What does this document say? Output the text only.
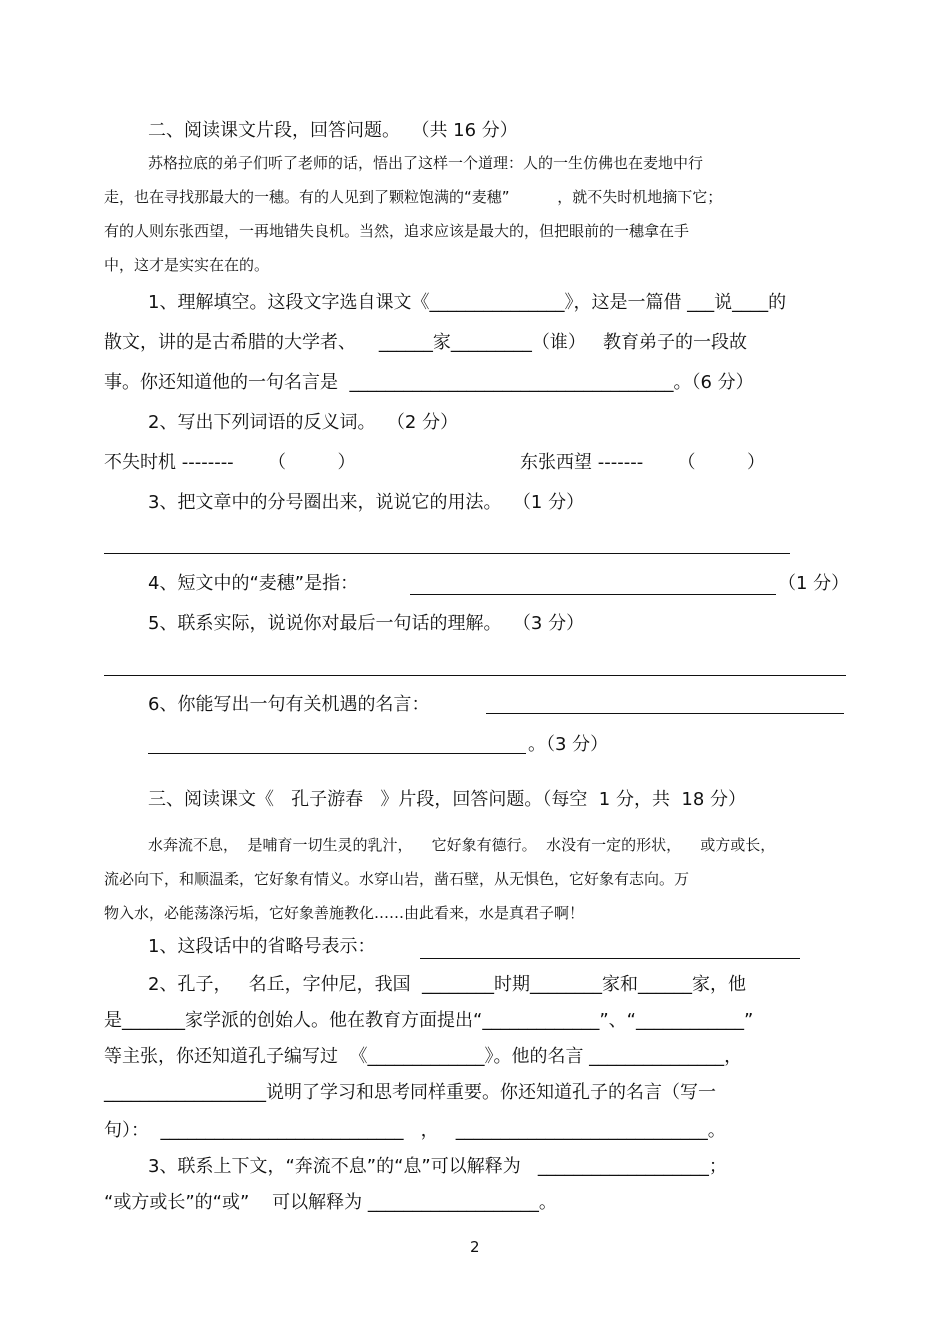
二、阅读课文片段，回答问题。  （共 16 分）
苏格拉底的弟子们听了老师的话，悟出了这样一个道理：人的一生仿佛也在麦地中行
走，也在寻找那最大的一穗。有的人见到了颗粒饱满的“麦穗”          ，就不失时机地摘下它；
有的人则东张西望，一再地错失良机。当然，追求应该是最大的，但把眼前的一穗拿在手
中，这才是实实在在的。
1、理解填空。这段文字选自课文《_______________》，这是一篇借 ___说____的
散文，讲的是古希腊的大学者、    ______家_________（谁）   教育弟子的一段故
事。你还知道他的一句名言是  ____________________________________。（6 分）
2、写出下列词语的反义词。  （2 分）
不失时机 --------      （         ）	东张西望 -------      （         ）
3、把文章中的分号圈出来，说说它的用法。  （1 分）
4、短文中的“麦穗”是指：	（1 分）
5、联系实际，说说你对最后一句话的理解。  （3 分）
6、你能写出一句有关机遇的名言：
。（3 分）
三、阅读课文《   孔子游春   》片段，回答问题。（每空  1 分，共  18 分）
水奔流不息，  是哺育一切生灵的乳汁，    它好象有德行。  水没有一定的形状，    或方或长，
流必向下，和顺温柔，它好象有情义。水穿山岩，凿石壁，从无惧色，它好象有志向。万
物入水，必能荡涤污垢，它好象善施教化……由此看来，水是真君子啊！
1、这段话中的省略号表示：
2、孔子，   名丘，字仲尼，我国  ________时期________家和______家，他
是_______家学派的创始人。他在教育方面提出“_____________”、“____________”
等主张，你还知道孔子编写过  《_____________》。他的名言 _______________，
__________________说明了学习和思考同样重要。你还知道孔子的名言（写一
句）：  ___________________________   ，   ____________________________。
3、联系上下文，“奔流不息”的“息”可以解释为   ___________________；
“或方或长”的“或”    可以解释为 ___________________。
2
